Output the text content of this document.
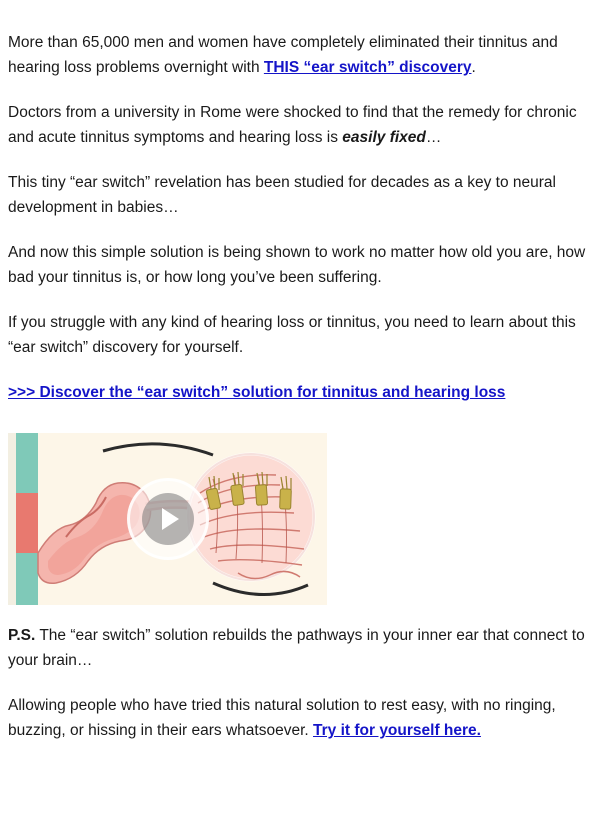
More than 65,000 men and women have completely eliminated their tinnitus and hearing loss problems overnight with THIS “ear switch” discovery.

Doctors from a university in Rome were shocked to find that the remedy for chronic and acute tinnitus symptoms and hearing loss is easily fixed…

This tiny “ear switch” revelation has been studied for decades as a key to neural development in babies…

And now this simple solution is being shown to work no matter how old you are, how bad your tinnitus is, or how long you’ve been suffering.

If you struggle with any kind of hearing loss or tinnitus, you need to learn about this “ear switch” discovery for yourself.

>>> Discover the “ear switch” solution for tinnitus and hearing loss

P.S. The “ear switch” solution rebuilds the pathways in your inner ear that connect to your brain…

Allowing people who have tried this natural solution to rest easy, with no ringing, buzzing, or hissing in their ears whatsoever. Try it for yourself here.
